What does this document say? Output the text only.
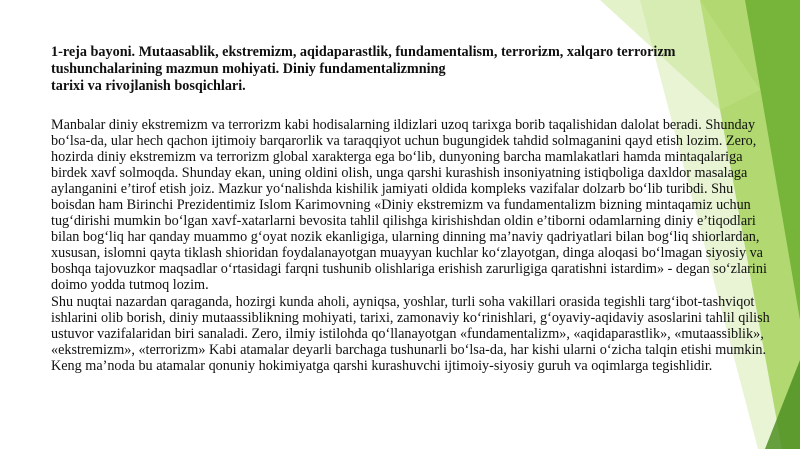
1-reja bayoni. Mutaasablik, ekstremizm, aqidaparastlik, fundamentalism, terrorizm, xalqaro terrorizm
tushunchalarining mazmun mohiyati. Diniy fundamentalizmning
tarixi va rivojlanish bosqichlari.

Manbalar diniy ekstremizm va terrorizm kabi hodisalarning ildizlari uzoq tarixga borib taqalishidan dalolat beradi. Shunday bo‘lsa-da, ular hech qachon ijtimoiy barqarorlik va taraqqiyot uchun bugungidek tahdid solmaganini qayd etish lozim. Zero, hozirda diniy ekstremizm va terrorizm global xarakterga ega bo‘lib, dunyoning barcha mamlakatlari hamda mintaqalariga birdek xavf solmoqda. Shunday ekan, uning oldini olish, unga qarshi kurashish insoniyatning istiqboliga daxldor masalaga aylanganini e’tirof etish joiz. Mazkur yo‘nalishda kishilik jamiyati oldida kompleks vazifalar dolzarb bo‘lib turibdi. Shu boisdan ham Birinchi Prezidentimiz Islom Karimovning «Diniy ekstremizm va fundamentalizm bizning mintaqamiz uchun tug‘dirishi mumkin bo‘lgan xavf-xatarlarni bevosita tahlil qilishga kirishishdan oldin e’tiborni odamlarning diniy e’tiqodlari bilan bog‘liq har qanday muammo g‘oyat nozik ekanligiga, ularning dinning ma’naviy qadriyatlari bilan bog‘liq shiorlardan, xususan, islomni qayta tiklash shioridan foydalanayotgan muayyan kuchlar ko‘zlayotgan, dinga aloqasi bo‘lmagan siyosiy va boshqa tajovuzkor maqsadlar o‘rtasidagi farqni tushunib olishlariga erishish zarurligiga qaratishni istardim» - degan so‘zlarini doimo yodda tutmoq lozim.

Shu nuqtai nazardan qaraganda, hozirgi kunda aholi, ayniqsa, yoshlar, turli soha vakillari orasida tegishli targ‘ibot-tashviqot ishlarini olib borish, diniy mutaassiblikning mohiyati, tarixi, zamonaviy ko‘rinishlari, g‘oyaviy-aqidaviy asoslarini tahlil qilish ustuvor vazifalaridan biri sanaladi. Zero, ilmiy istilohda qo‘llanayotgan «fundamentalizm», «aqidaparastlik», «mutaassiblik», «ekstremizm», «terrorizm» Kabi atamalar deyarli barchaga tushunarli bo‘lsa-da, har kishi ularni o‘zicha talqin etishi mumkin. Keng ma’noda bu atamalar qonuniy hokimiyatga qarshi kurashuvchi ijtimoiy-siyosiy guruh va oqimlarga tegishlidir.
